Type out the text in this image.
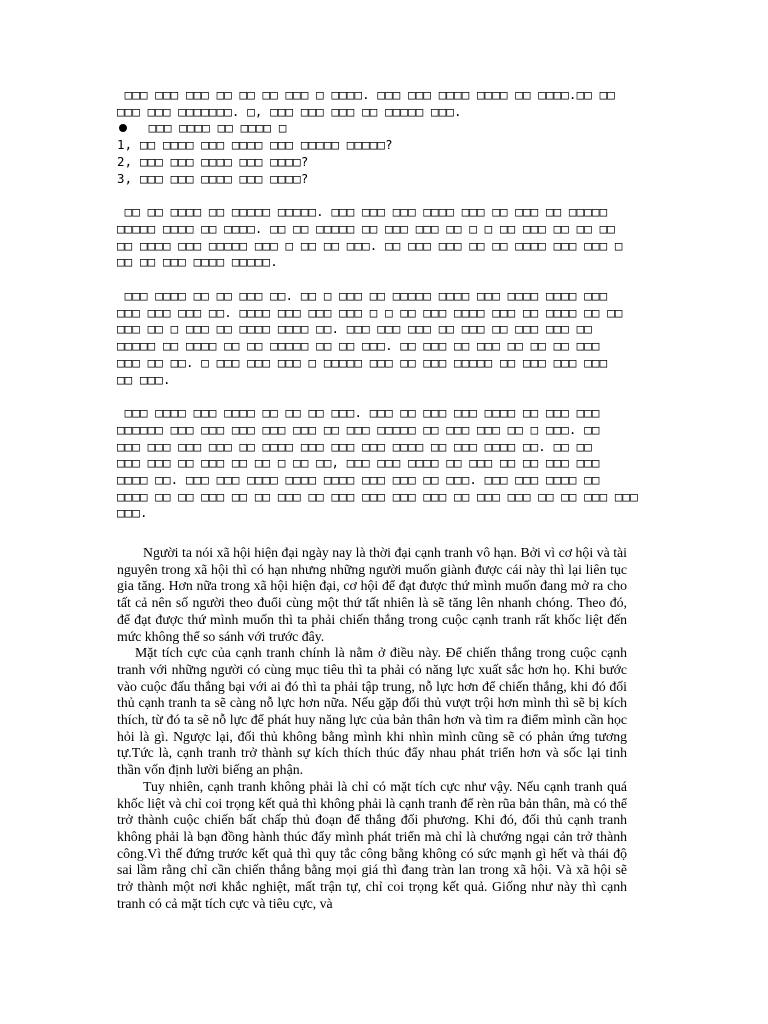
□□□ □□□ □□□ □□ □□ □□ □□□ □ □□□□. □□□ □□□ □□□□ □□□□ □□ □□□□.□□ □□
□□□ □□□ □□□□□□□. □, □□□ □□□ □□□ □□ □□□□□ □□□.
□□□ □□□□ □□ □□□□ □
1, □□ □□□□ □□□ □□□□ □□□ □□□□□ □□□□□?
2, □□□ □□□ □□□□ □□□ □□□□?
3, □□□ □□□ □□□□ □□□ □□□□?
□□ □□ □□□□ □□ □□□□□ □□□□□. □□□ □□□ □□□ □□□□ □□□ □□ □□□ □□ □□□□□
□□□□□ □□□□ □□ □□□□. □□ □□ □□□□□ □□ □□□ □□□ □□ □ □ □□ □□□ □□ □□ □□
□□ □□□□ □□□ □□□□□ □□□ □ □□ □□ □□□. □□ □□□ □□□ □□ □□ □□□□ □□□ □□□ □
□□ □□ □□□ □□□□ □□□□□.
□□□ □□□□ □□ □□ □□□ □□. □□ □ □□□ □□ □□□□□ □□□□ □□□ □□□□ □□□□ □□□
□□□ □□□ □□□ □□. □□□□ □□□ □□□ □□□ □ □ □□ □□□ □□□□ □□□ □□ □□□□ □□ □□
□□□ □□ □ □□□ □□ □□□□ □□□□ □□. □□□ □□□ □□□ □□ □□□ □□ □□□ □□□ □□
□□□□□ □□ □□□□ □□ □□ □□□□□ □□ □□ □□□. □□ □□□ □□ □□□ □□ □□ □□ □□□
□□□ □□ □□. □ □□□ □□□ □□□ □ □□□□□ □□□ □□ □□□ □□□□□ □□ □□□ □□□ □□□
□□ □□□.
□□□ □□□□ □□□ □□□□ □□ □□ □□ □□□. □□□ □□ □□□ □□□ □□□□ □□ □□□ □□□
□□□□□□ □□□ □□□ □□□ □□□ □□□ □□ □□□ □□□□□ □□ □□□ □□□ □□ □ □□□. □□
□□□ □□□ □□□ □□□ □□ □□□□ □□□ □□□ □□□ □□□□ □□ □□□ □□□□ □□. □□ □□
□□□ □□□ □□ □□□ □□ □□ □ □□ □□, □□□ □□□ □□□□ □□ □□□ □□ □□ □□□ □□□
□□□□ □□. □□□ □□□ □□□□ □□□□ □□□□ □□□ □□□ □□ □□□. □□□ □□□ □□□□ □□
□□□□ □□ □□ □□□ □□ □□ □□□ □□ □□□ □□□ □□□ □□□ □□ □□□ □□□ □□ □□ □□□ □□□
□□□.

Người ta nói xã hội hiện đại ngày nay là thời đại cạnh tranh vô hạn. Bởi vì cơ hội và tài nguyên trong xã hội thì có hạn nhưng những người muốn giành được cái này thì lại liên tục gia tăng. Hơn nữa trong xã hội hiện đại, cơ hội để đạt được thứ mình muốn đang mở ra cho tất cả nên số người theo đuổi cùng một thứ tất nhiên là sẽ tăng lên nhanh chóng. Theo đó, để đạt được thứ mình muốn thì ta phải chiến thắng trong cuộc cạnh tranh rất khốc liệt đến mức không thể so sánh với trước đây.

Mặt tích cực của cạnh tranh chính là nằm ở điều này. Để chiến thắng trong cuộc cạnh tranh với những người có cùng mục tiêu thì ta phải có năng lực xuất sắc hơn họ. Khi bước vào cuộc đấu thắng bại với ai đó thì ta phải tập trung, nỗ lực hơn để chiến thắng, khi đó đối thủ cạnh tranh ta sẽ càng nỗ lực hơn nữa. Nếu gặp đối thủ vượt trội hơn mình thì sẽ bị kích thích, từ đó ta sẽ nỗ lực để phát huy năng lực của bản thân hơn và tìm ra điểm mình cần học hỏi là gì. Ngược lại, đối thủ không bằng mình khi nhìn mình cũng sẽ có phản ứng tương tự.Tức là, cạnh tranh trở thành sự kích thích thúc đẩy nhau phát triển hơn và sốc lại tinh thần vốn định lười biếng an phận.

Tuy nhiên, cạnh tranh không phải là chỉ có mặt tích cực như vậy. Nếu cạnh tranh quá khốc liệt và chỉ coi trọng kết quả thì không phải là cạnh tranh để rèn rũa bản thân, mà có thể trở thành cuộc chiến bất chấp thủ đoạn để thắng đối phương. Khi đó, đối thủ cạnh tranh không phải là bạn đồng hành thúc đẩy mình phát triển mà chỉ là chướng ngại cản trở thành công.Vì thế đứng trước kết quả thì quy tắc công bằng không có sức mạnh gì hết và thái độ sai lầm rằng chỉ cần chiến thắng bằng mọi giá thì đang tràn lan trong xã hội. Và xã hội sẽ trở thành một nơi khắc nghiệt, mất trận tự, chỉ coi trọng kết quả. Giống như này thì cạnh tranh có cả mặt tích cực và tiêu cực, và
